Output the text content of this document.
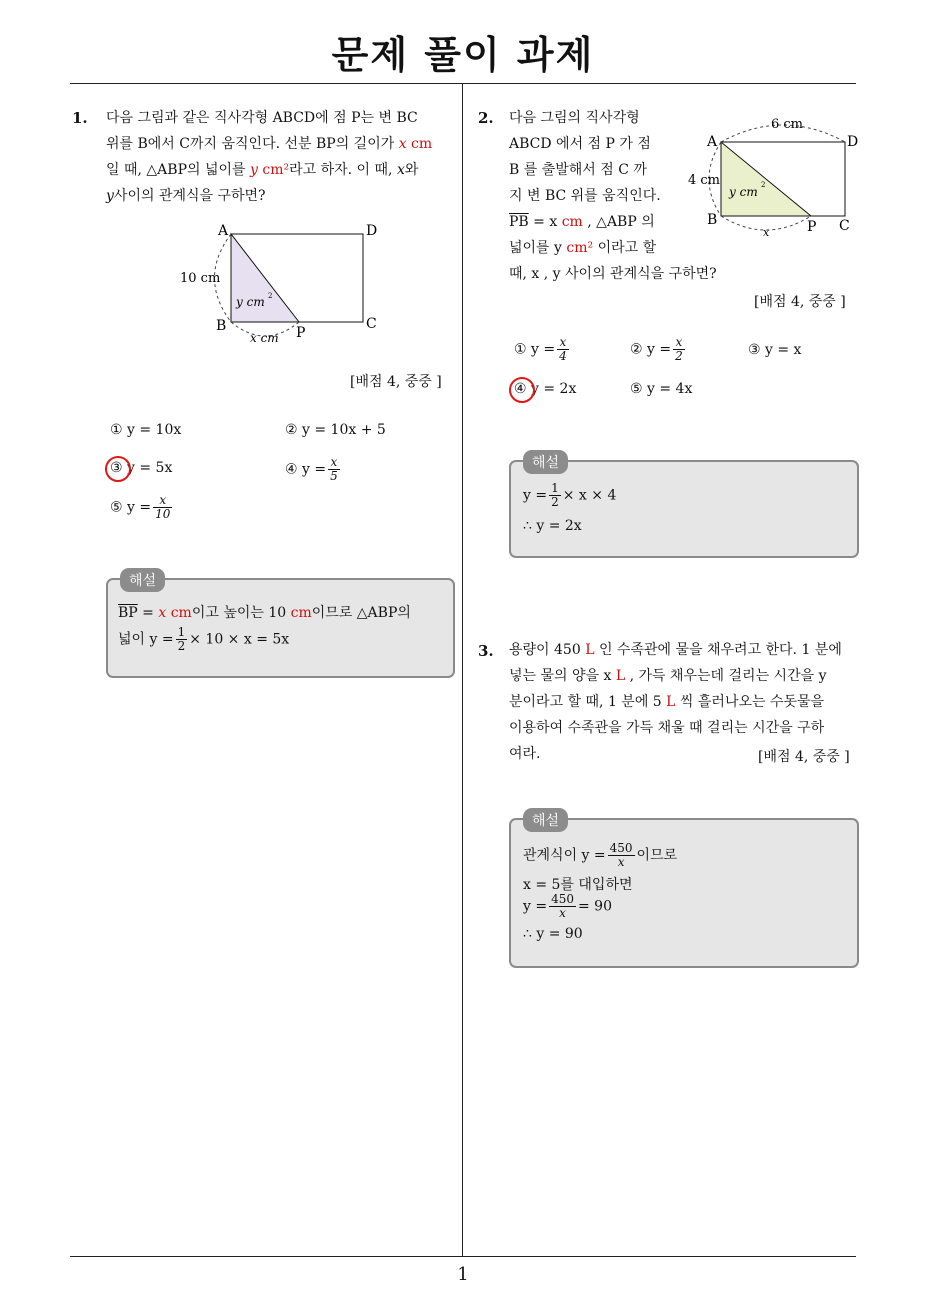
문제 풀이 과제
1
1. 다음 그림과 같은 직사각형 ABCD에 점 P는 변 BC
위를 B에서 C까지 움직인다. 선분 BP의 길이가 x cm
일 때, △ABP의 넓이를 y cm²라고 하자. 이 때, x와
y사이의 관계식을 구하면?
A	D
B	C
P
10 cm
x cm
y cm 2
[배점 4, 중중 ]
① y = 10x	② y = 10x + 5
③ y = 5x	④ $y = \frac{x}{5}$
⑤ $y = \frac{x}{10}$
해설
$\overline{BP} = x$ cm이고 높이는 10 cm이므로 △ABP의
넓이 $y = \frac{1}{2} \times 10 \times x = 5x$
2. 다음 그림의 직사각형
ABCD 에서 점 P 가 점
B 를 출발해서 점 C 까
지 변 BC 위를 움직인다.
$\overline{PB} = x$ cm , △ABP 의
넓이를 y cm² 이라고 할
때, x , y 사이의 관계식을 구하면?
A	D
B	C
P
6 cm
4 cm
x
y cm 2
[배점 4, 중중 ]
① $y = \frac{x}{4}$	② $y = \frac{x}{2}$	③ y = x
④ y = 2x	⑤ y = 4x
해설
$y = \frac{1}{2} \times x \times 4$
∴ y = 2x
3. 용량이 450 L 인 수족관에 물을 채우려고 한다. 1 분에
넣는 물의 양을 x L , 가득 채우는데 걸리는 시간을 y
분이라고 할 때, 1 분에 5 L 씩 흘러나오는 수돗물을
이용하여 수족관을 가득 채울 때 걸리는 시간을 구하
여라.	[배점 4, 중중 ]
해설
관계식이 $y = \frac{450}{x}$ 이므로
x = 5를 대입하면
$y = \frac{450}{x} = 90$
∴ y = 90
